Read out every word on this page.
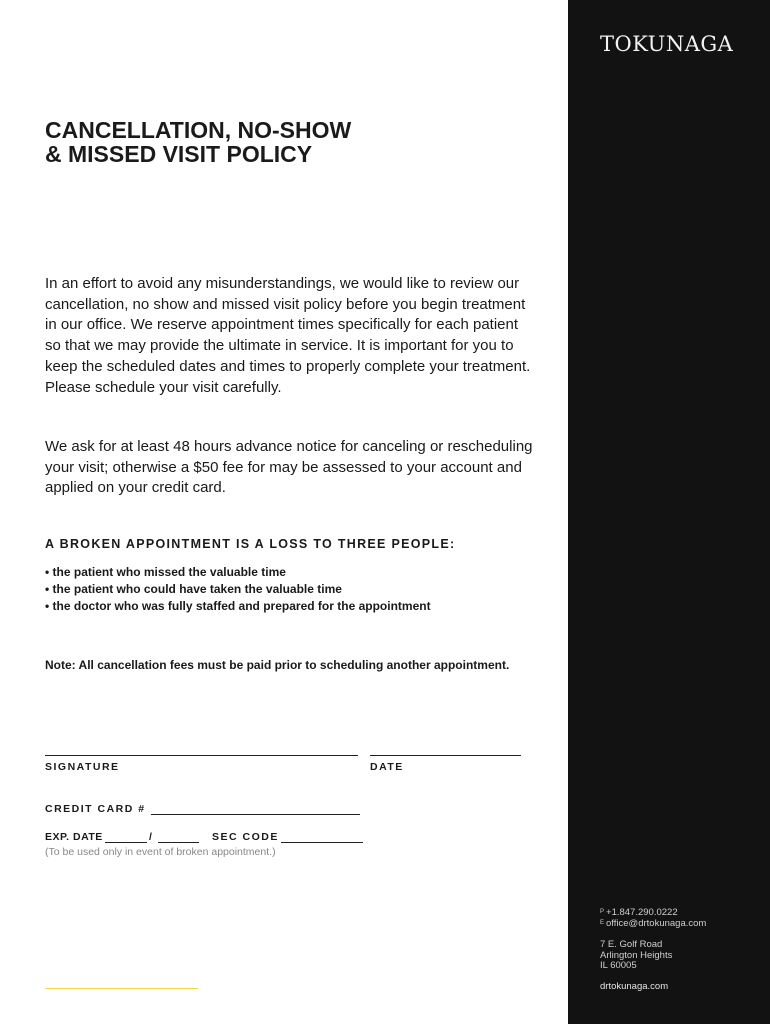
TOKUNAGA
CANCELLATION, NO-SHOW
& MISSED VISIT POLICY

In an effort to avoid any misunderstandings, we would like to review our cancellation, no show and missed visit policy before you begin treatment in our office. We reserve appointment times specifically for each patient so that we may provide the ultimate in service. It is important for you to keep the scheduled dates and times to properly complete your treatment. Please schedule your visit carefully.

We ask for at least 48 hours advance notice for canceling or rescheduling your visit; otherwise a $50 fee for may be assessed to your account and applied on your credit card.

A BROKEN APPOINTMENT IS A LOSS TO THREE PEOPLE:

• the patient who missed the valuable time
• the patient who could have taken the valuable time
• the doctor who was fully staffed and prepared for the appointment

Note: All cancellation fees must be paid prior to scheduling another appointment.

SIGNATURE	DATE
CREDIT CARD #
EXP. DATE	/	SEC CODE
(To be used only in event of broken appointment.)
$^P$ +1.847.290.0222
$^E$ office@drtokunaga.com
7 E. Golf Road
Arlington Heights
IL 60005
drtokunaga.com
